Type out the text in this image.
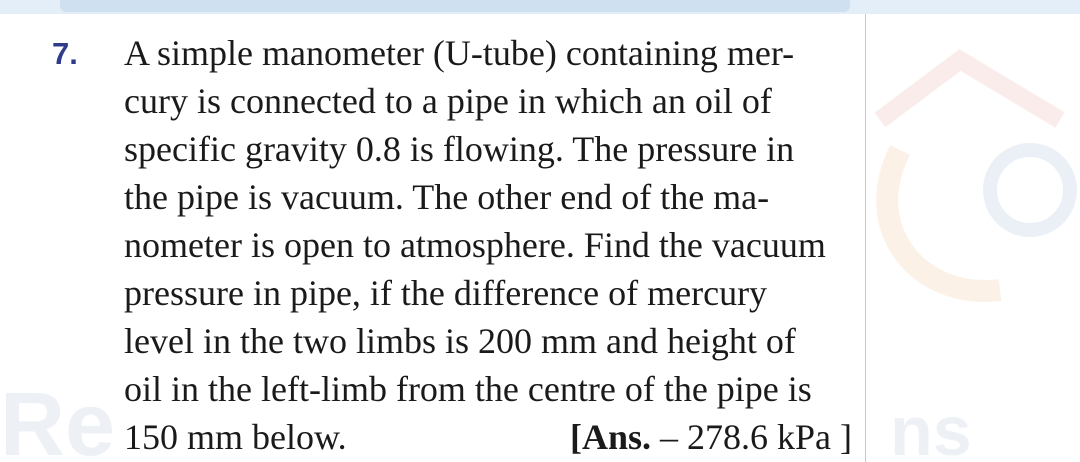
Re	ns
7. A simple manometer (U-tube) containing mer-
cury is connected to a pipe in which an oil of
specific gravity 0.8 is flowing. The pressure in
the pipe is vacuum. The other end of the ma-
nometer is open to atmosphere. Find the vacuum
pressure in pipe, if the difference of mercury
level in the two limbs is 200 mm and height of
oil in the left-limb from the centre of the pipe is
150 mm below.	[Ans. – 278.6 kPa ]
